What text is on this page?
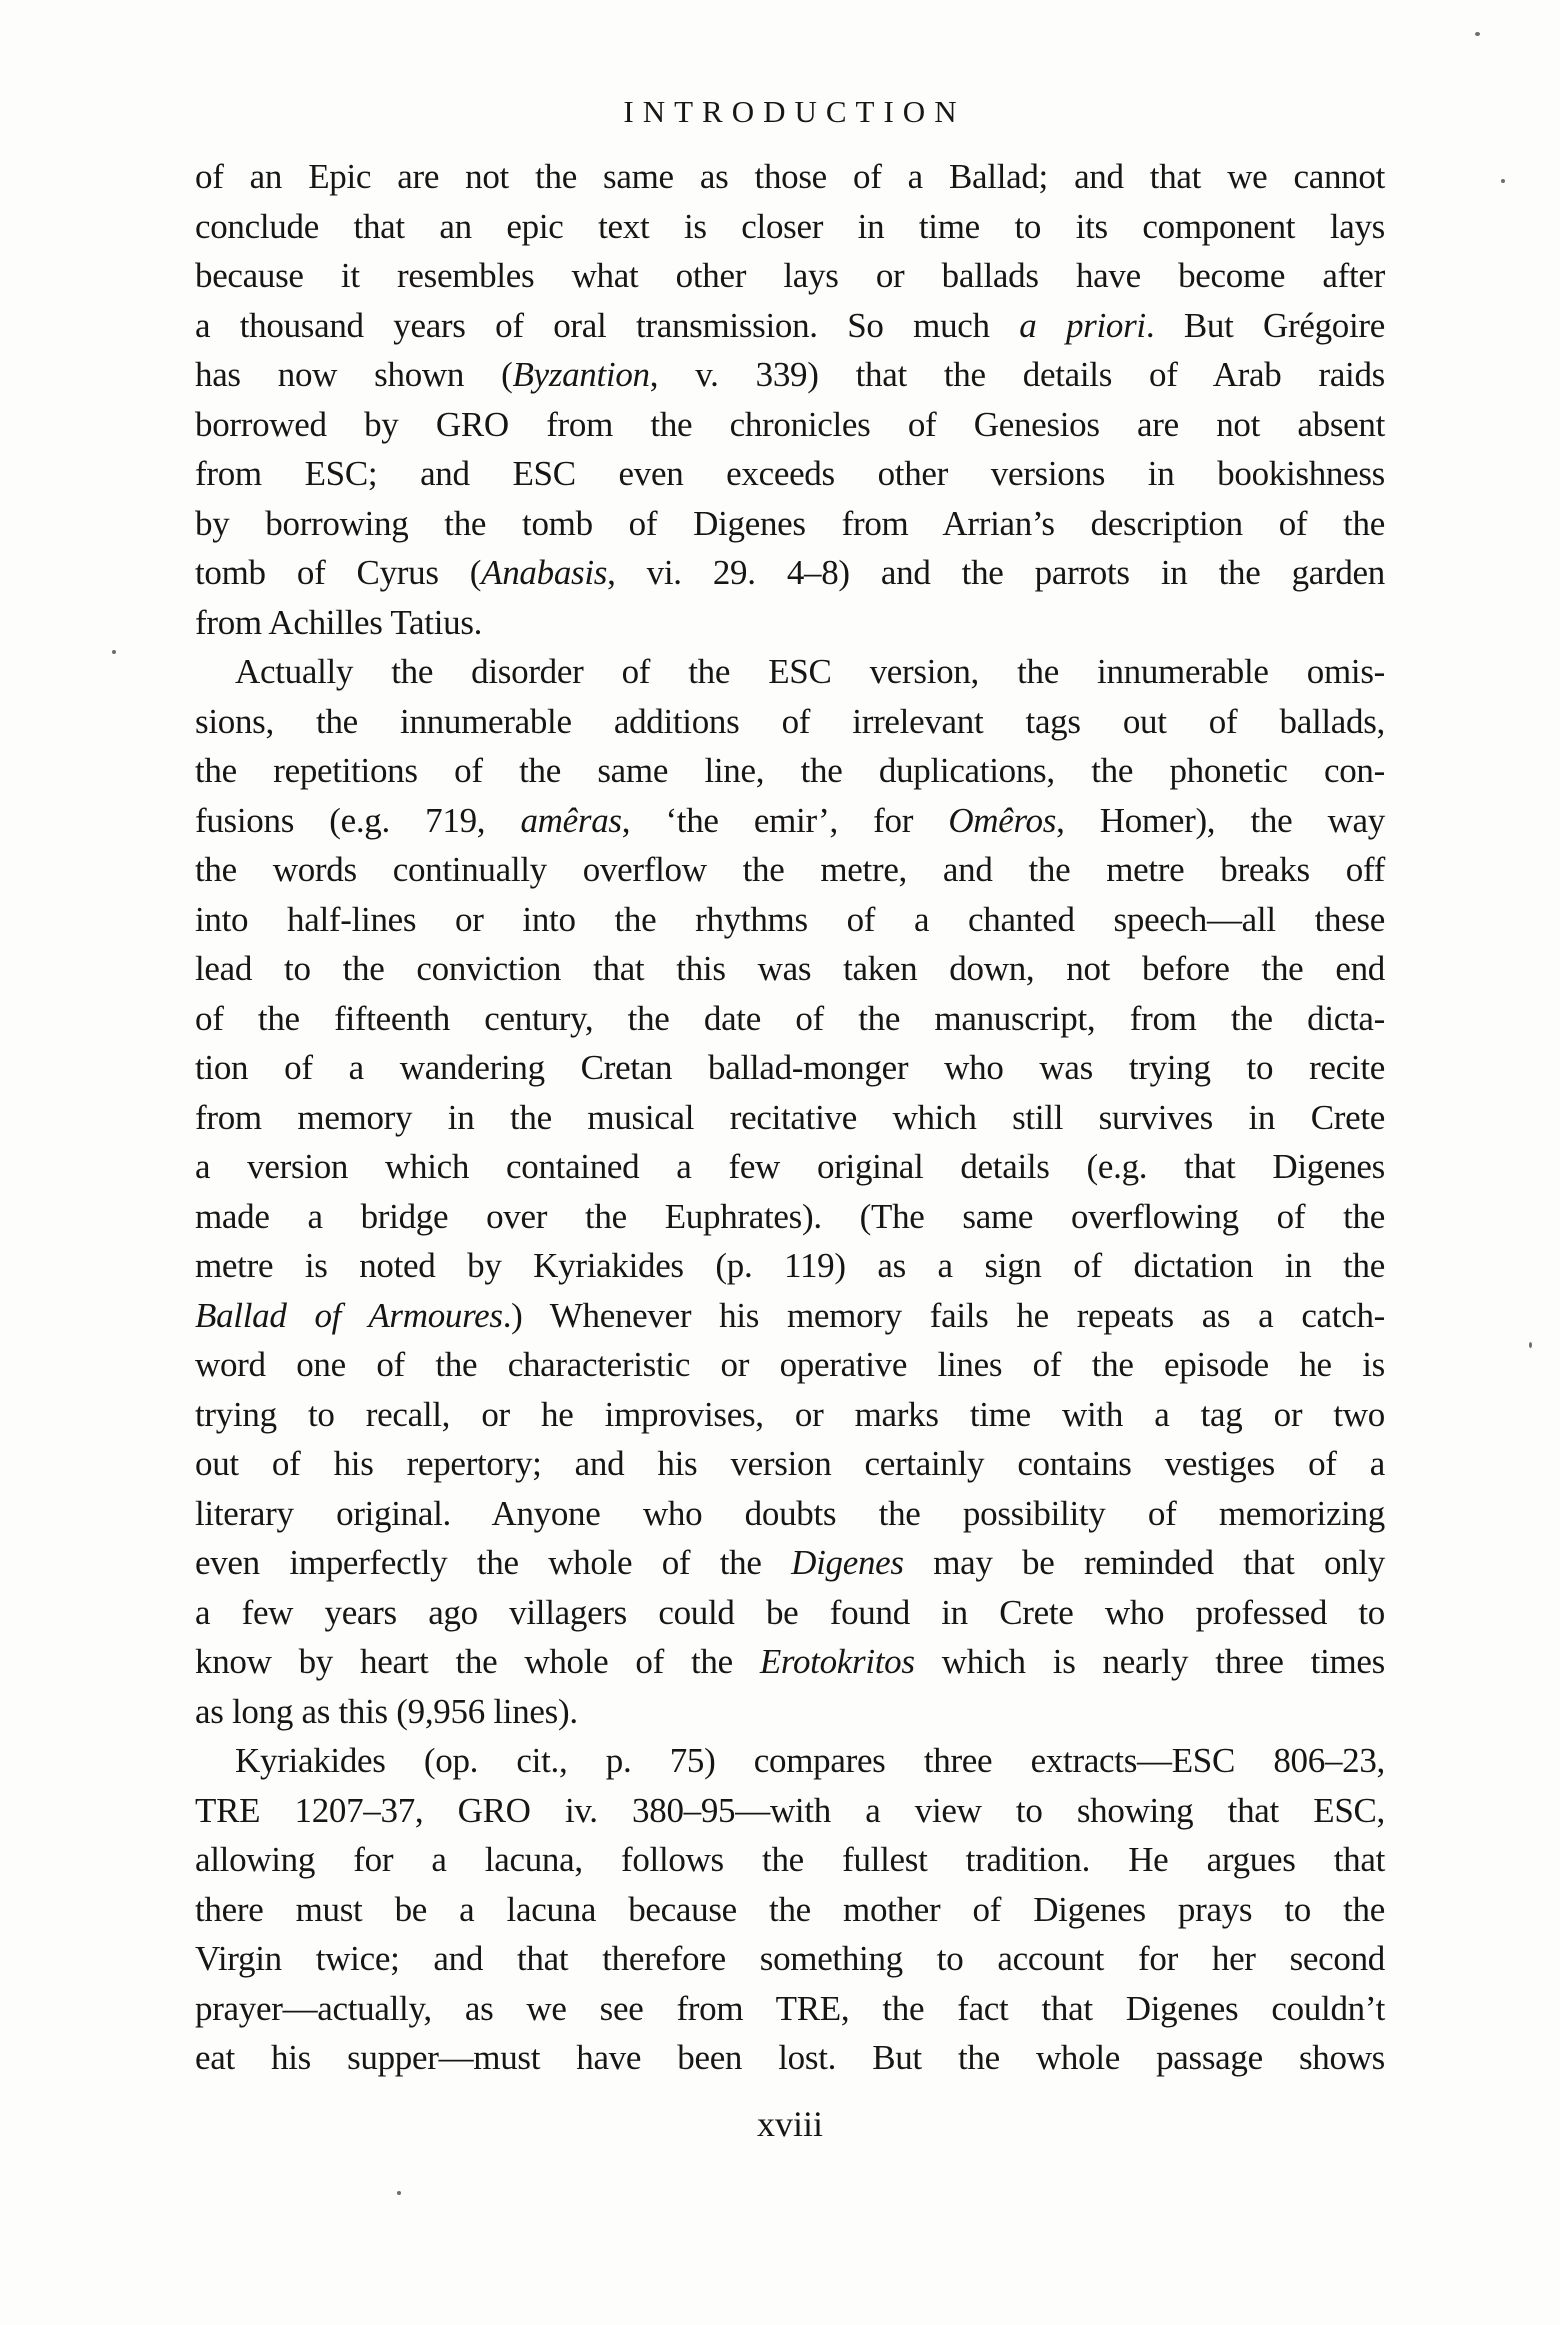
INTRODUCTION
of an Epic are not the same as those of a Ballad; and that we cannot
conclude that an epic text is closer in time to its component lays
because it resembles what other lays or ballads have become after
a thousand years of oral transmission. So much a priori. But Grégoire
has now shown (Byzantion, v. 339) that the details of Arab raids
borrowed by GRO from the chronicles of Genesios are not absent
from ESC; and ESC even exceeds other versions in bookishness
by borrowing the tomb of Digenes from Arrian’s description of the
tomb of Cyrus (Anabasis, vi. 29. 4–8) and the parrots in the garden
from Achilles Tatius.
Actually the disorder of the ESC version, the innumerable omis-
sions, the innumerable additions of irrelevant tags out of ballads,
the repetitions of the same line, the duplications, the phonetic con-
fusions (e.g. 719, amêras, ‘the emir’, for Omêros, Homer), the way
the words continually overflow the metre, and the metre breaks off
into half-lines or into the rhythms of a chanted speech—all these
lead to the conviction that this was taken down, not before the end
of the fifteenth century, the date of the manuscript, from the dicta-
tion of a wandering Cretan ballad-monger who was trying to recite
from memory in the musical recitative which still survives in Crete
a version which contained a few original details (e.g. that Digenes
made a bridge over the Euphrates). (The same overflowing of the
metre is noted by Kyriakides (p. 119) as a sign of dictation in the
Ballad of Armoures.) Whenever his memory fails he repeats as a catch-
word one of the characteristic or operative lines of the episode he is
trying to recall, or he improvises, or marks time with a tag or two
out of his repertory; and his version certainly contains vestiges of a
literary original. Anyone who doubts the possibility of memorizing
even imperfectly the whole of the Digenes may be reminded that only
a few years ago villagers could be found in Crete who professed to
know by heart the whole of the Erotokritos which is nearly three times
as long as this (9,956 lines).
Kyriakides (op. cit., p. 75) compares three extracts—ESC 806–23,
TRE 1207–37, GRO iv. 380–95—with a view to showing that ESC,
allowing for a lacuna, follows the fullest tradition. He argues that
there must be a lacuna because the mother of Digenes prays to the
Virgin twice; and that therefore something to account for her second
prayer—actually, as we see from TRE, the fact that Digenes couldn’t
eat his supper—must have been lost. But the whole passage shows
xviii
